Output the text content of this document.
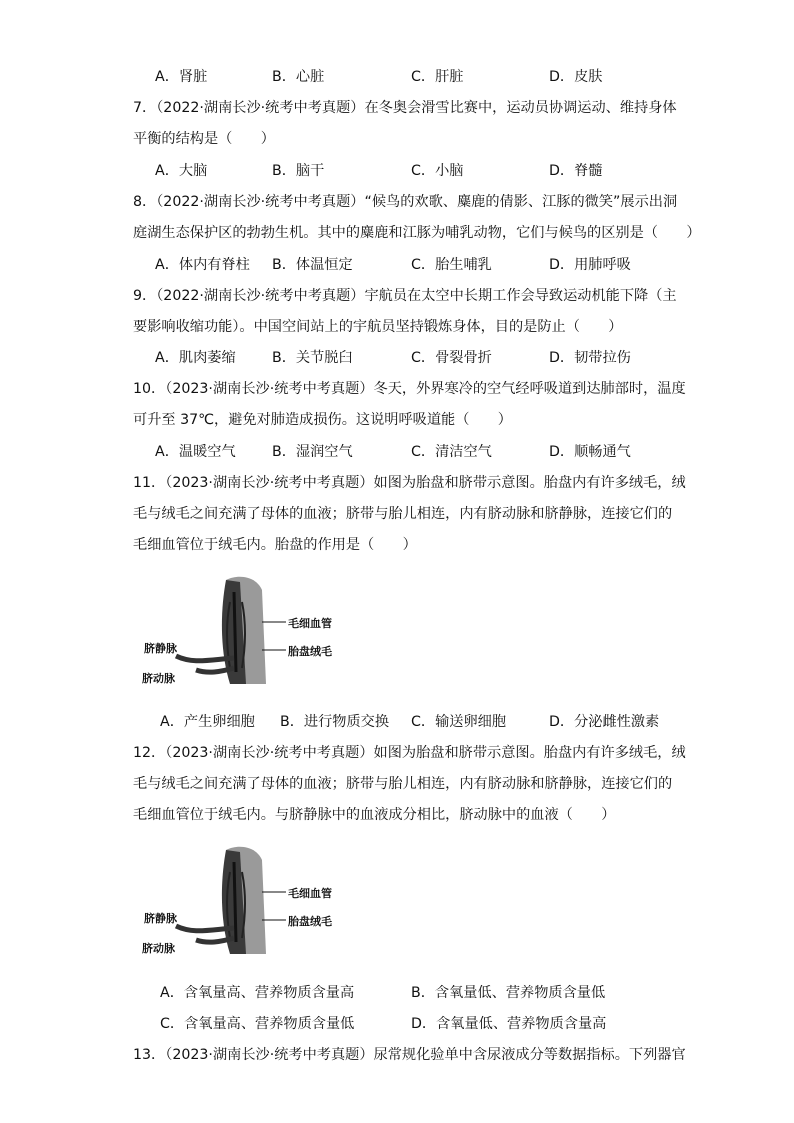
A．肾脏	B．心脏	C．肝脏	D．皮肤
7．（2022·湖南长沙·统考中考真题）在冬奥会滑雪比赛中，运动员协调运动、维持身体
平衡的结构是（　　）
A．大脑	B．脑干	C．小脑	D．脊髓
8．（2022·湖南长沙·统考中考真题）“候鸟的欢歌、麋鹿的倩影、江豚的微笑”展示出洞
庭湖生态保护区的勃勃生机。其中的麋鹿和江豚为哺乳动物，它们与候鸟的区别是（　　）
A．体内有脊柱 B．体温恒定	C．胎生哺乳	D．用肺呼吸
9．（2022·湖南长沙·统考中考真题）宇航员在太空中长期工作会导致运动机能下降（主
要影响收缩功能）。中国空间站上的宇航员坚持锻炼身体，目的是防止（　　）
A．肌肉萎缩	B．关节脱臼	C．骨裂骨折	D．韧带拉伤
10．（2023·湖南长沙·统考中考真题）冬天，外界寒冷的空气经呼吸道到达肺部时，温度
可升至 37℃，避免对肺造成损伤。这说明呼吸道能（　　）
A．温暖空气	B．湿润空气	C．清洁空气	D．顺畅通气
11．（2023·湖南长沙·统考中考真题）如图为胎盘和脐带示意图。胎盘内有许多绒毛，绒
毛与绒毛之间充满了母体的血液；脐带与胎儿相连，内有脐动脉和脐静脉，连接它们的
毛细血管位于绒毛内。胎盘的作用是（　　）
毛细血管
胎盘绒毛
脐静脉
脐动脉
A．产生卵细胞 B．进行物质交换 C．输送卵细胞	D．分泌雌性激素
12．（2023·湖南长沙·统考中考真题）如图为胎盘和脐带示意图。胎盘内有许多绒毛，绒
毛与绒毛之间充满了母体的血液；脐带与胎儿相连，内有脐动脉和脐静脉，连接它们的
毛细血管位于绒毛内。与脐静脉中的血液成分相比，脐动脉中的血液（　　）
毛细血管
胎盘绒毛
脐静脉
脐动脉
A．含氧量高、营养物质含量高	B．含氧量低、营养物质含量低
C．含氧量高、营养物质含量低	D．含氧量低、营养物质含量高
13．（2023·湖南长沙·统考中考真题）尿常规化验单中含尿液成分等数据指标。下列器官
